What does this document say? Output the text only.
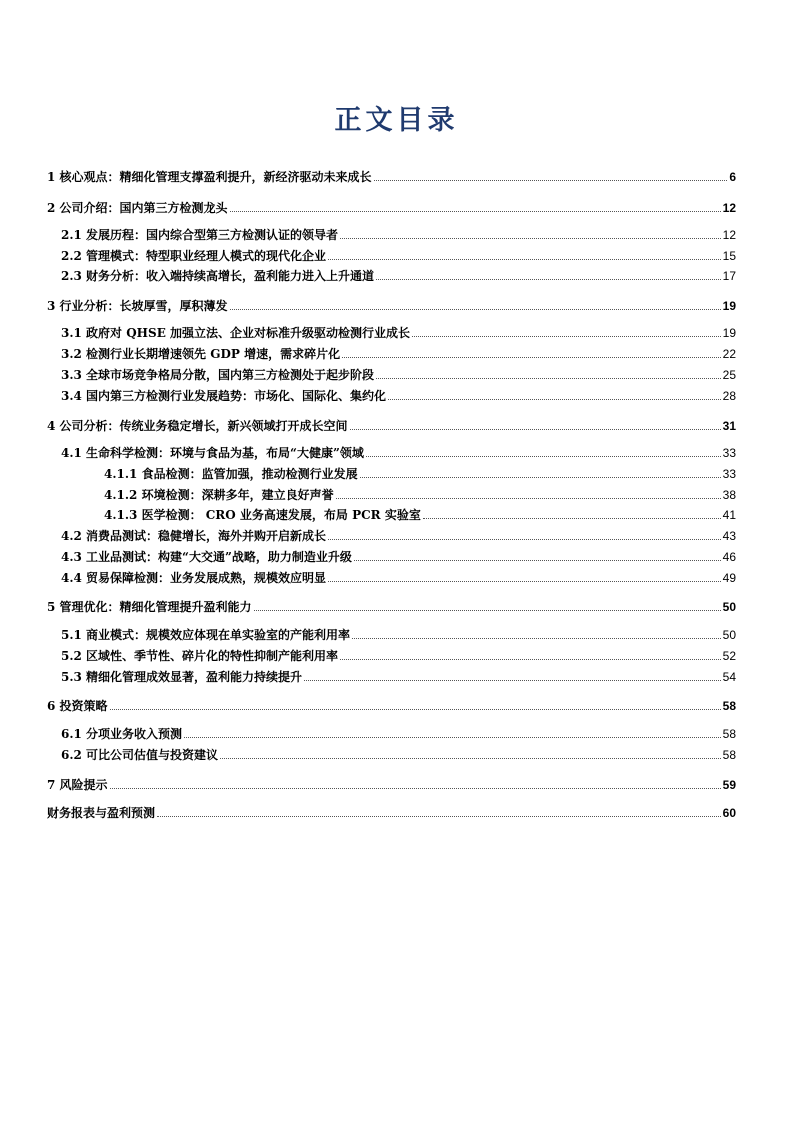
正文目录
1 核心观点：精细化管理支撑盈利提升，新经济驱动未来成长	6
2 公司介绍：国内第三方检测龙头	12
2.1 发展历程：国内综合型第三方检测认证的领导者	12
2.2 管理模式：特型职业经理人模式的现代化企业	15
2.3 财务分析：收入端持续高增长，盈利能力进入上升通道	17
3 行业分析：长坡厚雪，厚积薄发	19
3.1 政府对 QHSE 加强立法、企业对标准升级驱动检测行业成长	19
3.2 检测行业长期增速领先 GDP 增速，需求碎片化	22
3.3 全球市场竞争格局分散，国内第三方检测处于起步阶段	25
3.4 国内第三方检测行业发展趋势：市场化、国际化、集约化	28
4 公司分析：传统业务稳定增长，新兴领域打开成长空间	31
4.1 生命科学检测：环境与食品为基，布局“大健康”领域	33
4.1.1 食品检测：监管加强，推动检测行业发展	33
4.1.2 环境检测：深耕多年，建立良好声誉	38
4.1.3 医学检测： CRO 业务高速发展，布局 PCR 实验室	41
4.2 消费品测试：稳健增长，海外并购开启新成长	43
4.3 工业品测试：构建“大交通”战略，助力制造业升级	46
4.4 贸易保障检测：业务发展成熟，规模效应明显	49
5 管理优化：精细化管理提升盈利能力	50
5.1 商业模式：规模效应体现在单实验室的产能利用率	50
5.2 区域性、季节性、碎片化的特性抑制产能利用率	52
5.3 精细化管理成效显著，盈利能力持续提升	54
6 投资策略	58
6.1 分项业务收入预测	58
6.2 可比公司估值与投资建议	58
7 风险提示	59
财务报表与盈利预测	60
